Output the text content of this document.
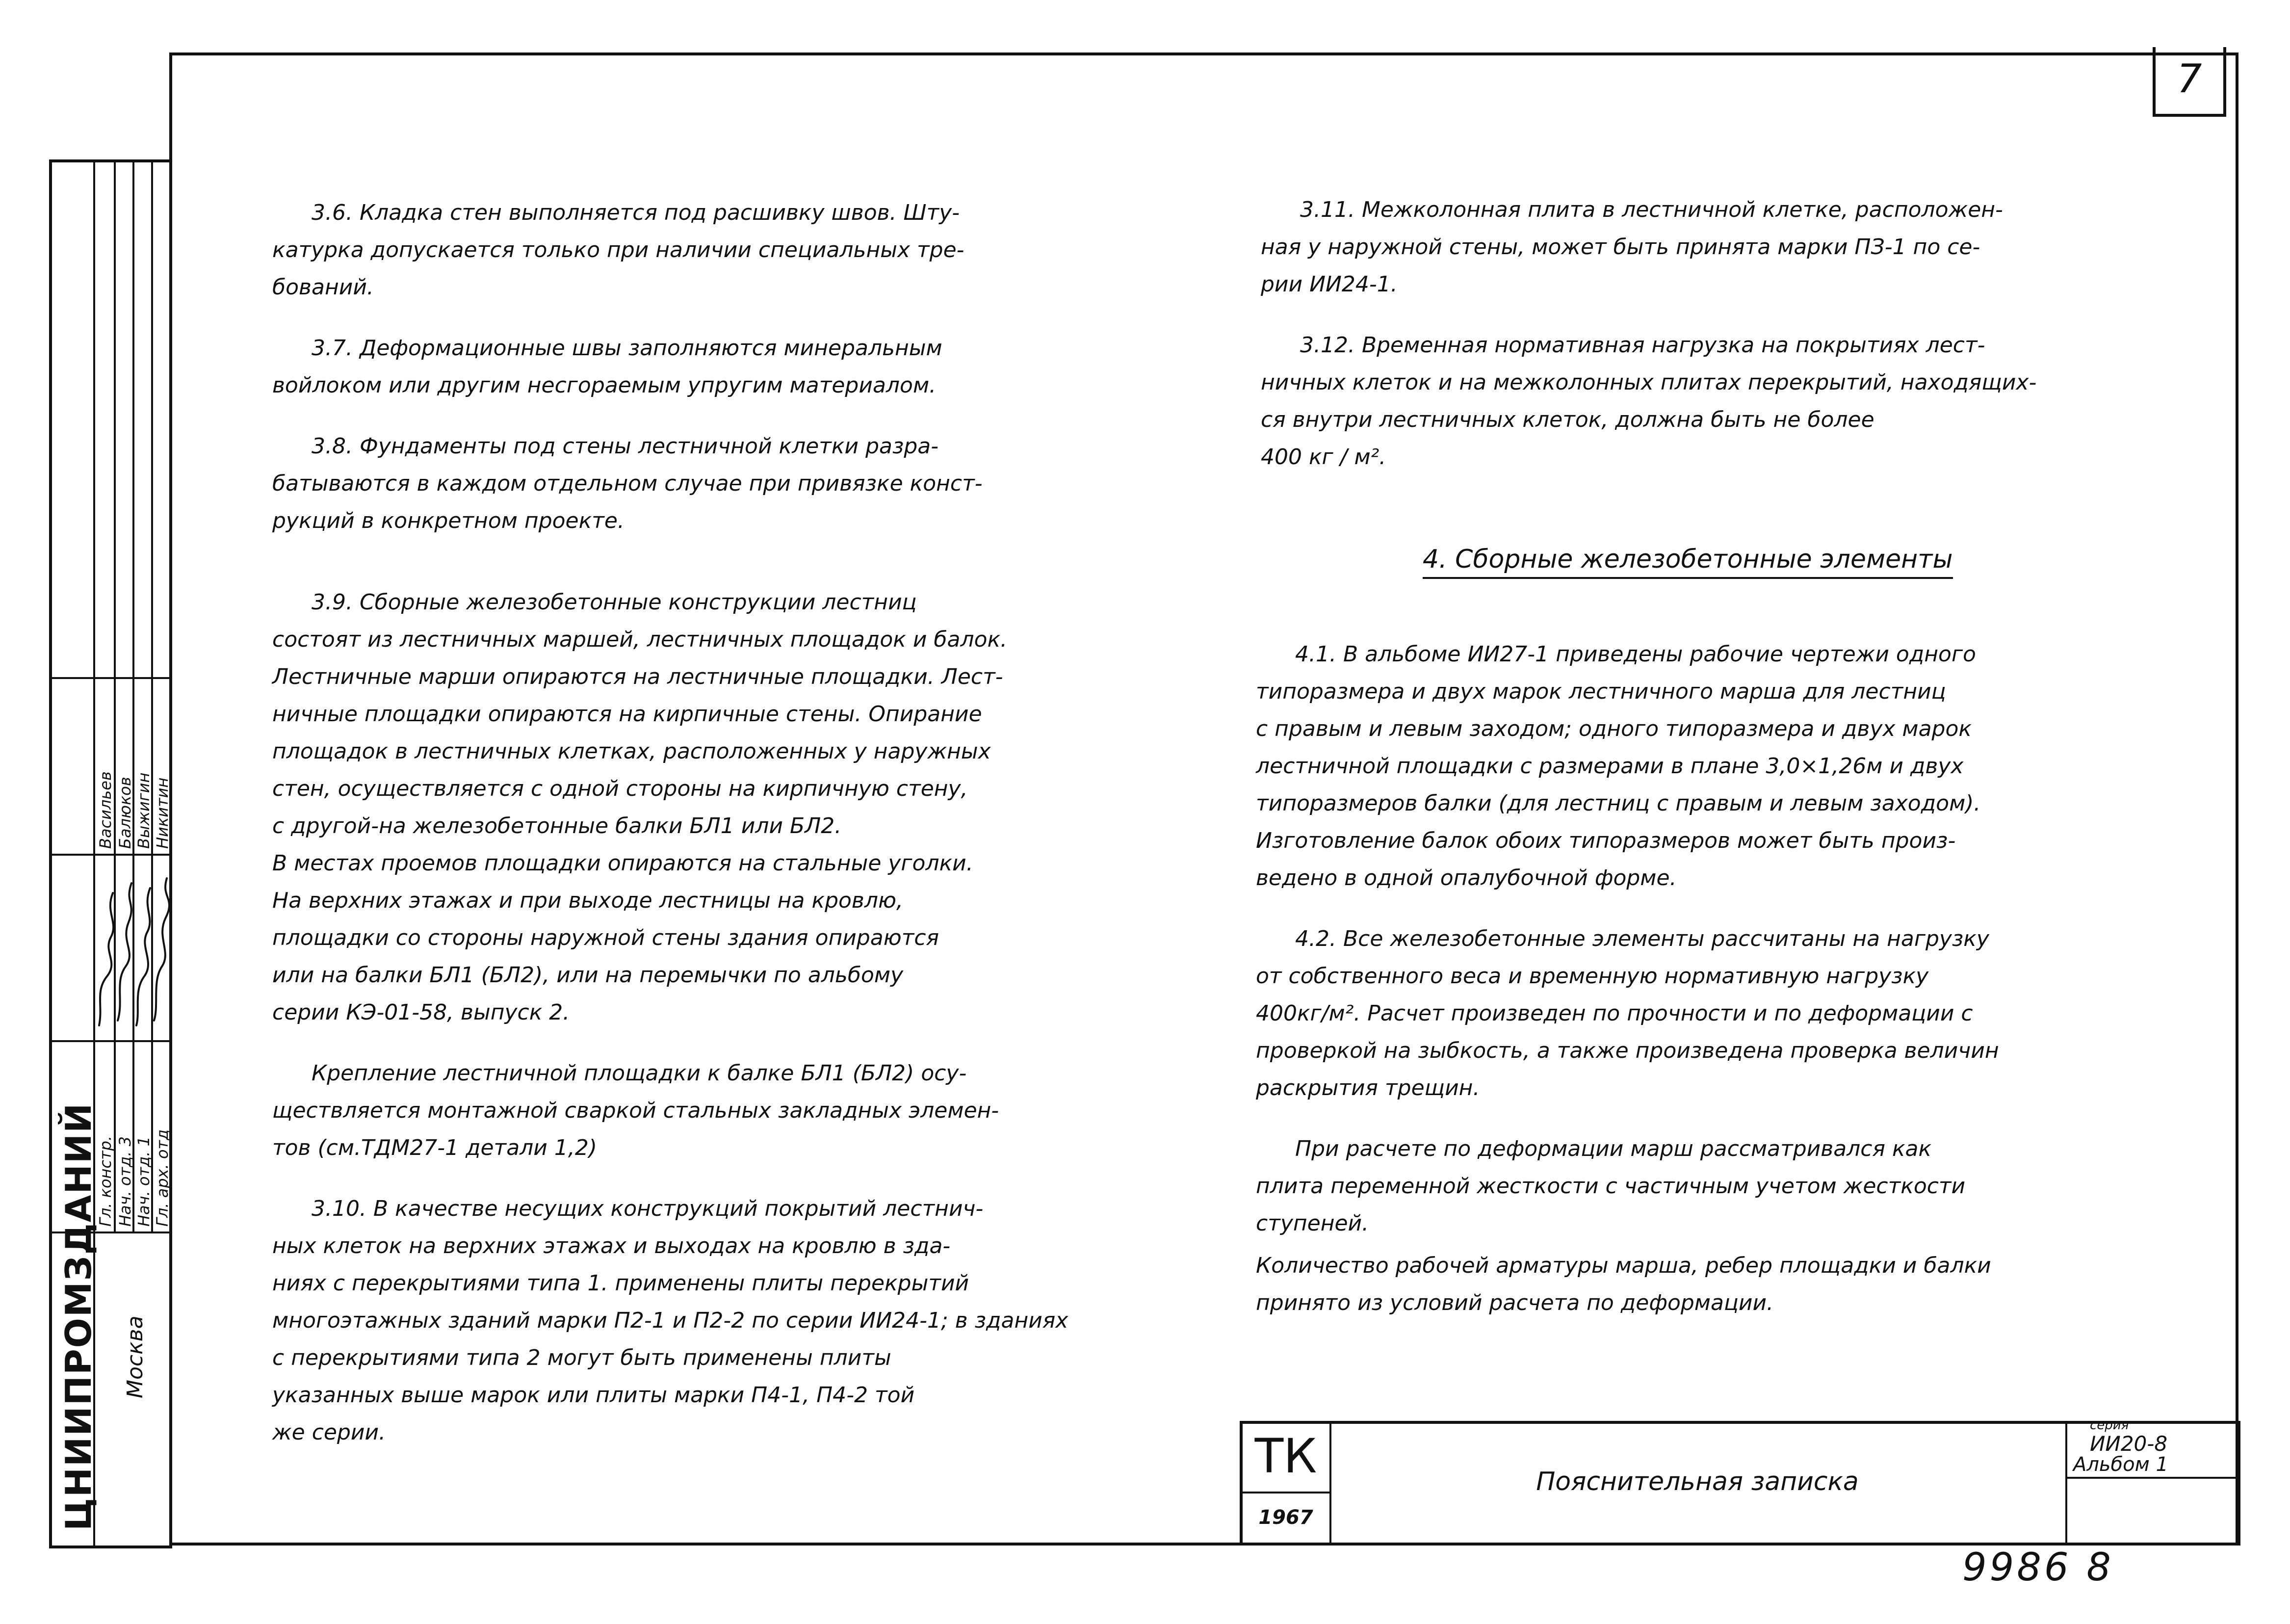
7
ЦНИИПРОМЗДАНИЙ Москва
Гл. констр. Нач. отд. 3 Нач. отд. 1 Гл. арх. отд
Васильев Балюков Выжигин Никитин

3.6. Кладка стен выполняется под расшивку швов. Шту-
катурка допускается только при наличии специальных тре-
бований.

3.7. Деформационные швы заполняются минеральным
войлоком или другим несгораемым упругим материалом.

3.8. Фундаменты под стены лестничной клетки разра-
батываются в каждом отдельном случае при привязке конст-
рукций в конкретном проекте.

3.9. Сборные железобетонные конструкции лестниц
состоят из лестничных маршей, лестничных площадок и балок.
Лестничные марши опираются на лестничные площадки. Лест-
ничные площадки опираются на кирпичные стены. Опирание
площадок в лестничных клетках, расположенных у наружных
стен, осуществляется с одной стороны на кирпичную стену,
с другой-на железобетонные балки БЛ1 или БЛ2.
В местах проемов площадки опираются на стальные уголки.
На верхних этажах и при выходе лестницы на кровлю,
площадки со стороны наружной стены здания опираются
или на балки БЛ1 (БЛ2), или на перемычки по альбому
серии КЭ-01-58, выпуск 2.

Крепление лестничной площадки к балке БЛ1 (БЛ2) осу-
ществляется монтажной сваркой стальных закладных элемен-
тов (см.ТДМ27-1 детали 1,2)

3.10. В качестве несущих конструкций покрытий лестнич-
ных клеток на верхних этажах и выходах на кровлю в зда-
ниях с перекрытиями типа 1. применены плиты перекрытий
многоэтажных зданий марки П2-1 и П2-2 по серии ИИ24-1; в зданиях
с перекрытиями типа 2 могут быть применены плиты
указанных выше марок или плиты марки П4-1, П4-2 той
же серии.

3.11. Межколонная плита в лестничной клетке, расположен-
ная у наружной стены, может быть принята марки ПЗ-1 по се-
рии ИИ24-1.

3.12. Временная нормативная нагрузка на покрытиях лест-
ничных клеток и на межколонных плитах перекрытий, находящих-
ся внутри лестничных клеток, должна быть не более
400 кг / м².

4. Сборные железобетонные элементы

4.1. В альбоме ИИ27-1 приведены рабочие чертежи одного
типоразмера и двух марок лестничного марша для лестниц
с правым и левым заходом; одного типоразмера и двух марок
лестничной площадки с размерами в плане 3,0×1,26м и двух
типоразмеров балки (для лестниц с правым и левым заходом).
Изготовление балок обоих типоразмеров может быть произ-
ведено в одной опалубочной форме.

4.2. Все железобетонные элементы рассчитаны на нагрузку
от собственного веса и временную нормативную нагрузку
400кг/м². Расчет произведен по прочности и по деформации с
проверкой на зыбкость, а также произведена проверка величин
раскрытия трещин.

При расчете по деформации марш рассматривался как
плита переменной жесткости с частичным учетом жесткости
ступеней.

Количество рабочей арматуры марша, ребер площадки и балки
принято из условий расчета по деформации.

ТК
1967
Пояснительная записка
серия
ИИ20-8
Альбом 1
9986 8
